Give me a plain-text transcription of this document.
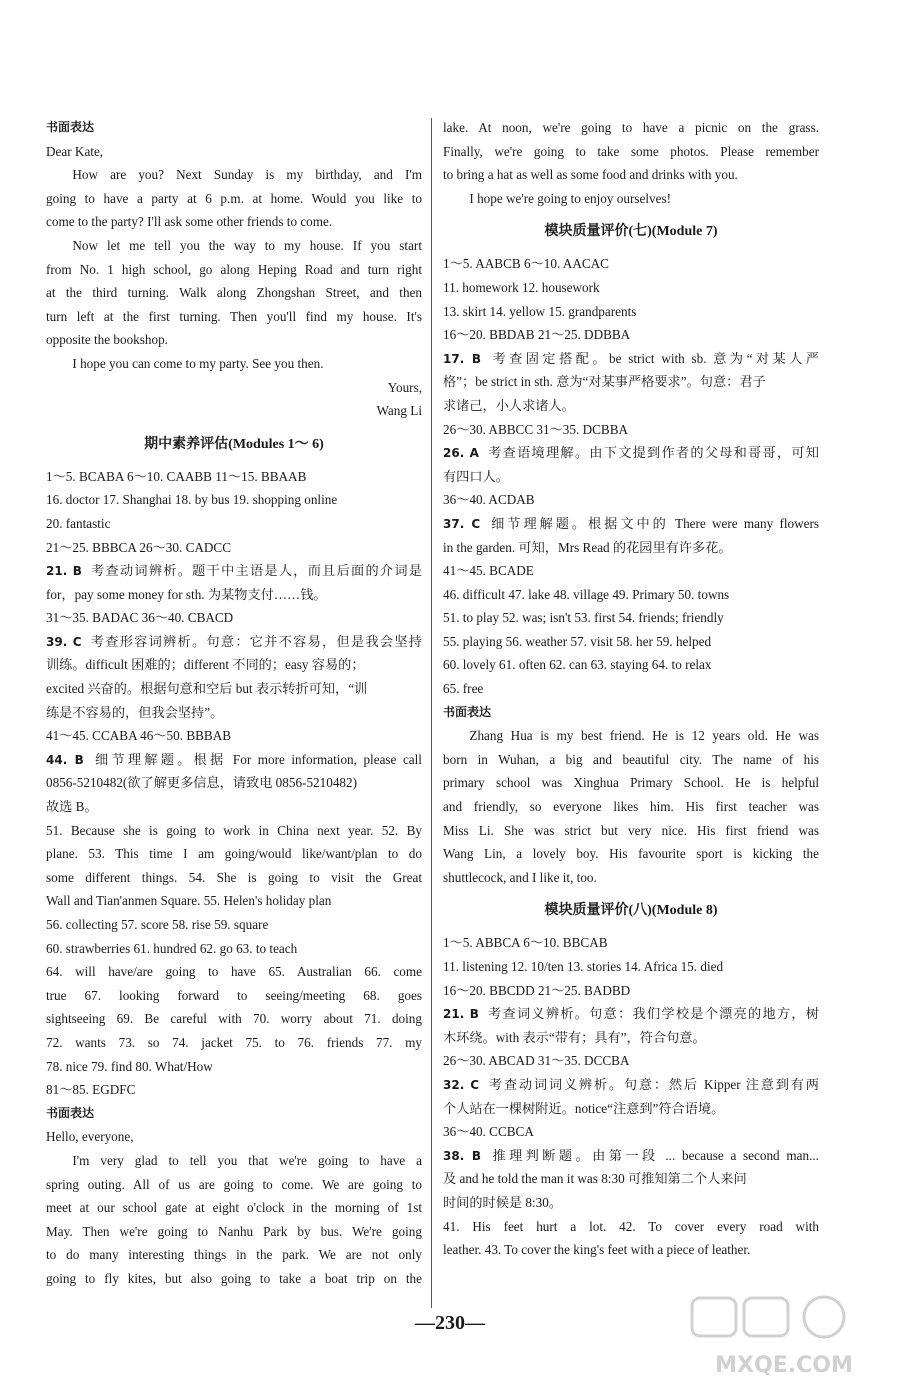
书面表达
Dear Kate,
How are you? Next Sunday is my birthday, and I'm
going to have a party at 6 p.m. at home. Would you like to
come to the party? I'll ask some other friends to come.
Now let me tell you the way to my house. If you start
from No. 1 high school, go along Heping Road and turn right
at the third turning. Walk along Zhongshan Street, and then
turn left at the first turning. Then you'll find my house. It's
opposite the bookshop.
I hope you can come to my party. See you then.
Yours,
Wang Li
期中素养评估(Modules 1～ 6)
1～5. BCABA 6～10. CAABB 11～15. BBAAB
16. doctor 17. Shanghai 18. by bus 19. shopping online
20. fantastic
21～25. BBBCA 26～30. CADCC
21. B 考查动词辨析。题干中主语是人，而且后面的介词是
for，pay some money for sth. 为某物支付……钱。
31～35. BADAC 36～40. CBACD
39. C 考查形容词辨析。句意：它并不容易，但是我会坚持
训练。difficult 困难的；different 不同的；easy 容易的；
excited 兴奋的。根据句意和空后 but 表示转折可知，“训
练是不容易的，但我会坚持”。
41～45. CCABA 46～50. BBBAB
44. B 细节理解题。根据 For more information, please call
0856-5210482(欲了解更多信息，请致电 0856-5210482)
故选 B。
51. Because she is going to work in China next year. 52. By
plane. 53. This time I am going/would like/want/plan to do
some different things. 54. She is going to visit the Great
Wall and Tian'anmen Square. 55. Helen's holiday plan
56. collecting 57. score 58. rise 59. square
60. strawberries 61. hundred 62. go 63. to teach
64. will have/are going to have 65. Australian 66. come
true 67. looking forward to seeing/meeting 68. goes
sightseeing 69. Be careful with 70. worry about 71. doing
72. wants 73. so 74. jacket 75. to 76. friends 77. my
78. nice 79. find 80. What/How
81～85. EGDFC
书面表达
Hello, everyone,
I'm very glad to tell you that we're going to have a
spring outing. All of us are going to come. We are going to
meet at our school gate at eight o'clock in the morning of 1st
May. Then we're going to Nanhu Park by bus. We're going
to do many interesting things in the park. We are not only
going to fly kites, but also going to take a boat trip on the
lake. At noon, we're going to have a picnic on the grass.
Finally, we're going to take some photos. Please remember
to bring a hat as well as some food and drinks with you.
I hope we're going to enjoy ourselves!
模块质量评价(七)(Module 7)
1～5. AABCB 6～10. AACAC
11. homework 12. housework
13. skirt 14. yellow 15. grandparents
16～20. BBDAB 21～25. DDBBA
17. B 考查固定搭配。be strict with sb. 意为“对某人严
格”；be strict in sth. 意为“对某事严格要求”。句意：君子
求诸己，小人求诸人。
26～30. ABBCC 31～35. DCBBA
26. A 考查语境理解。由下文提到作者的父母和哥哥，可知
有四口人。
36～40. ACDAB
37. C 细节理解题。根据文中的 There were many flowers
in the garden. 可知，Mrs Read 的花园里有许多花。
41～45. BCADE
46. difficult 47. lake 48. village 49. Primary 50. towns
51. to play 52. was; isn't 53. first 54. friends; friendly
55. playing 56. weather 57. visit 58. her 59. helped
60. lovely 61. often 62. can 63. staying 64. to relax
65. free
书面表达
Zhang Hua is my best friend. He is 12 years old. He was
born in Wuhan, a big and beautiful city. The name of his
primary school was Xinghua Primary School. He is helpful
and friendly, so everyone likes him. His first teacher was
Miss Li. She was strict but very nice. His first friend was
Wang Lin, a lovely boy. His favourite sport is kicking the
shuttlecock, and I like it, too.
模块质量评价(八)(Module 8)
1～5. ABBCA 6～10. BBCAB
11. listening 12. 10/ten 13. stories 14. Africa 15. died
16～20. BBCDD 21～25. BADBD
21. B 考查词义辨析。句意：我们学校是个漂亮的地方，树
木环绕。with 表示“带有；具有”，符合句意。
26～30. ABCAD 31～35. DCCBA
32. C 考查动词词义辨析。句意：然后 Kipper 注意到有两
个人站在一棵树附近。notice“注意到”符合语境。
36～40. CCBCA
38. B 推理判断题。由第一段 ... because a second man...
及 and he told the man it was 8:30 可推知第二个人来问
时间的时候是 8:30。
41. His feet hurt a lot. 42. To cover every road with
leather. 43. To cover the king's feet with a piece of leather.
—230—
MXQE.COM
